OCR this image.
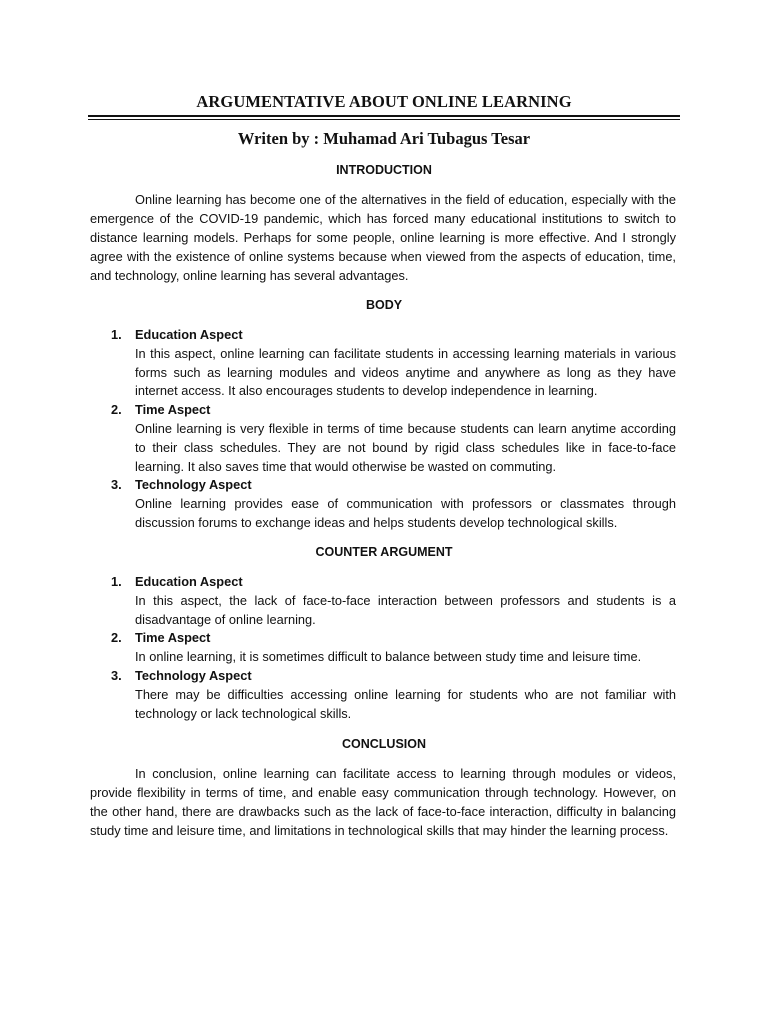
ARGUMENTATIVE ABOUT ONLINE LEARNING
Writen by : Muhamad Ari Tubagus Tesar
INTRODUCTION

Online learning has become one of the alternatives in the field of education, especially with the emergence of the COVID-19 pandemic, which has forced many educational institutions to switch to distance learning models. Perhaps for some people, online learning is more effective. And I strongly agree with the existence of online systems because when viewed from the aspects of education, time, and technology, online learning has several advantages.

BODY
1. Education Aspect
In this aspect, online learning can facilitate students in accessing learning materials in various forms such as learning modules and videos anytime and anywhere as long as they have internet access. It also encourages students to develop independence in learning.
2. Time Aspect
Online learning is very flexible in terms of time because students can learn anytime according to their class schedules. They are not bound by rigid class schedules like in face-to-face learning. It also saves time that would otherwise be wasted on commuting.
3. Technology Aspect
Online learning provides ease of communication with professors or classmates through discussion forums to exchange ideas and helps students develop technological skills.
COUNTER ARGUMENT
1. Education Aspect
In this aspect, the lack of face-to-face interaction between professors and students is a disadvantage of online learning.
2. Time Aspect
In online learning, it is sometimes difficult to balance between study time and leisure time.
3. Technology Aspect
There may be difficulties accessing online learning for students who are not familiar with technology or lack technological skills.
CONCLUSION

In conclusion, online learning can facilitate access to learning through modules or videos, provide flexibility in terms of time, and enable easy communication through technology. However, on the other hand, there are drawbacks such as the lack of face-to-face interaction, difficulty in balancing study time and leisure time, and limitations in technological skills that may hinder the learning process.
